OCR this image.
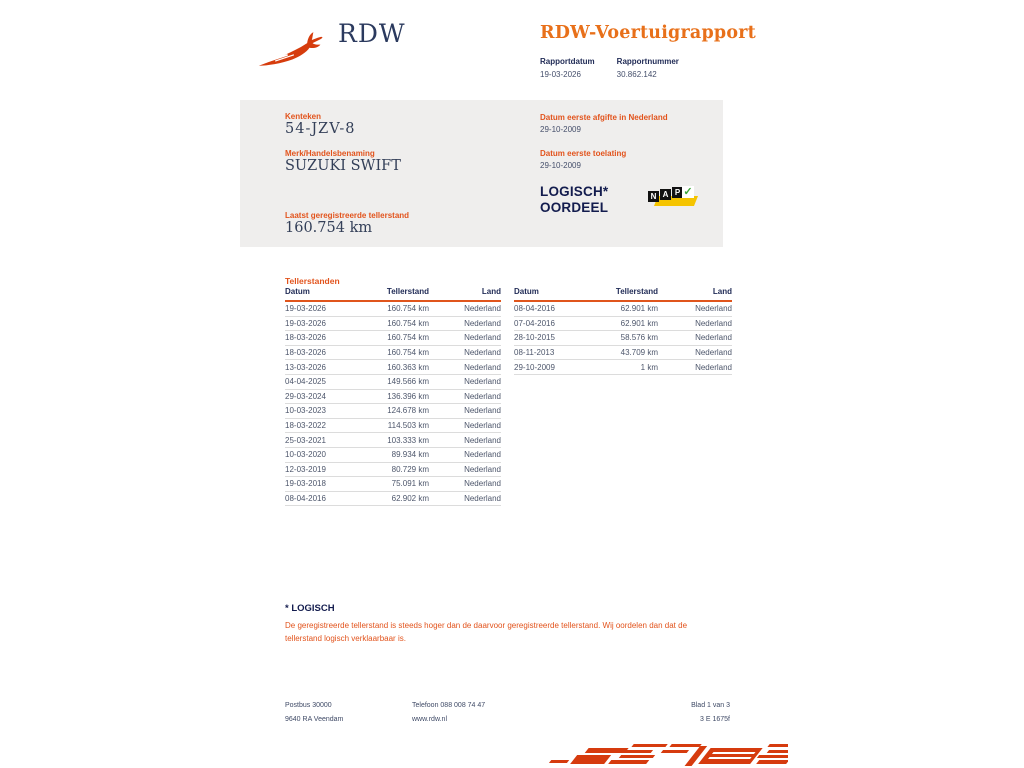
RDW	RDW-Voertuigrapport
Rapportdatum
19-03-2026
Rapportnummer
30.862.142
Kenteken
54-JZV-8
Merk/Handelsbenaming
SUZUKI SWIFT
Laatst geregistreerde tellerstand
160.754 km
Datum eerste afgifte in Nederland
29-10-2009
Datum eerste toelating
29-10-2009
LOGISCH*
OORDEEL
N A P ✓
Tellerstanden
Datum	Tellerstand	Land
19-03-2026	160.754 km	Nederland
19-03-2026	160.754 km	Nederland
18-03-2026	160.754 km	Nederland
18-03-2026	160.754 km	Nederland
13-03-2026	160.363 km	Nederland
04-04-2025	149.566 km	Nederland
29-03-2024	136.396 km	Nederland
10-03-2023	124.678 km	Nederland
18-03-2022	114.503 km	Nederland
25-03-2021	103.333 km	Nederland
10-03-2020	89.934 km	Nederland
12-03-2019	80.729 km	Nederland
19-03-2018	75.091 km	Nederland
08-04-2016	62.902 km	Nederland
Datum	Tellerstand	Land
08-04-2016	62.901 km	Nederland
07-04-2016	62.901 km	Nederland
28-10-2015	58.576 km	Nederland
08-11-2013	43.709 km	Nederland
29-10-2009	1 km	Nederland
* LOGISCH
De geregistreerde tellerstand is steeds hoger dan de daarvoor geregistreerde tellerstand. Wij oordelen dan dat de tellerstand logisch verklaarbaar is.
Postbus 30000
9640 RA Veendam
Telefoon 088 008 74 47
www.rdw.nl
Blad 1 van 3
3 E 1675f
